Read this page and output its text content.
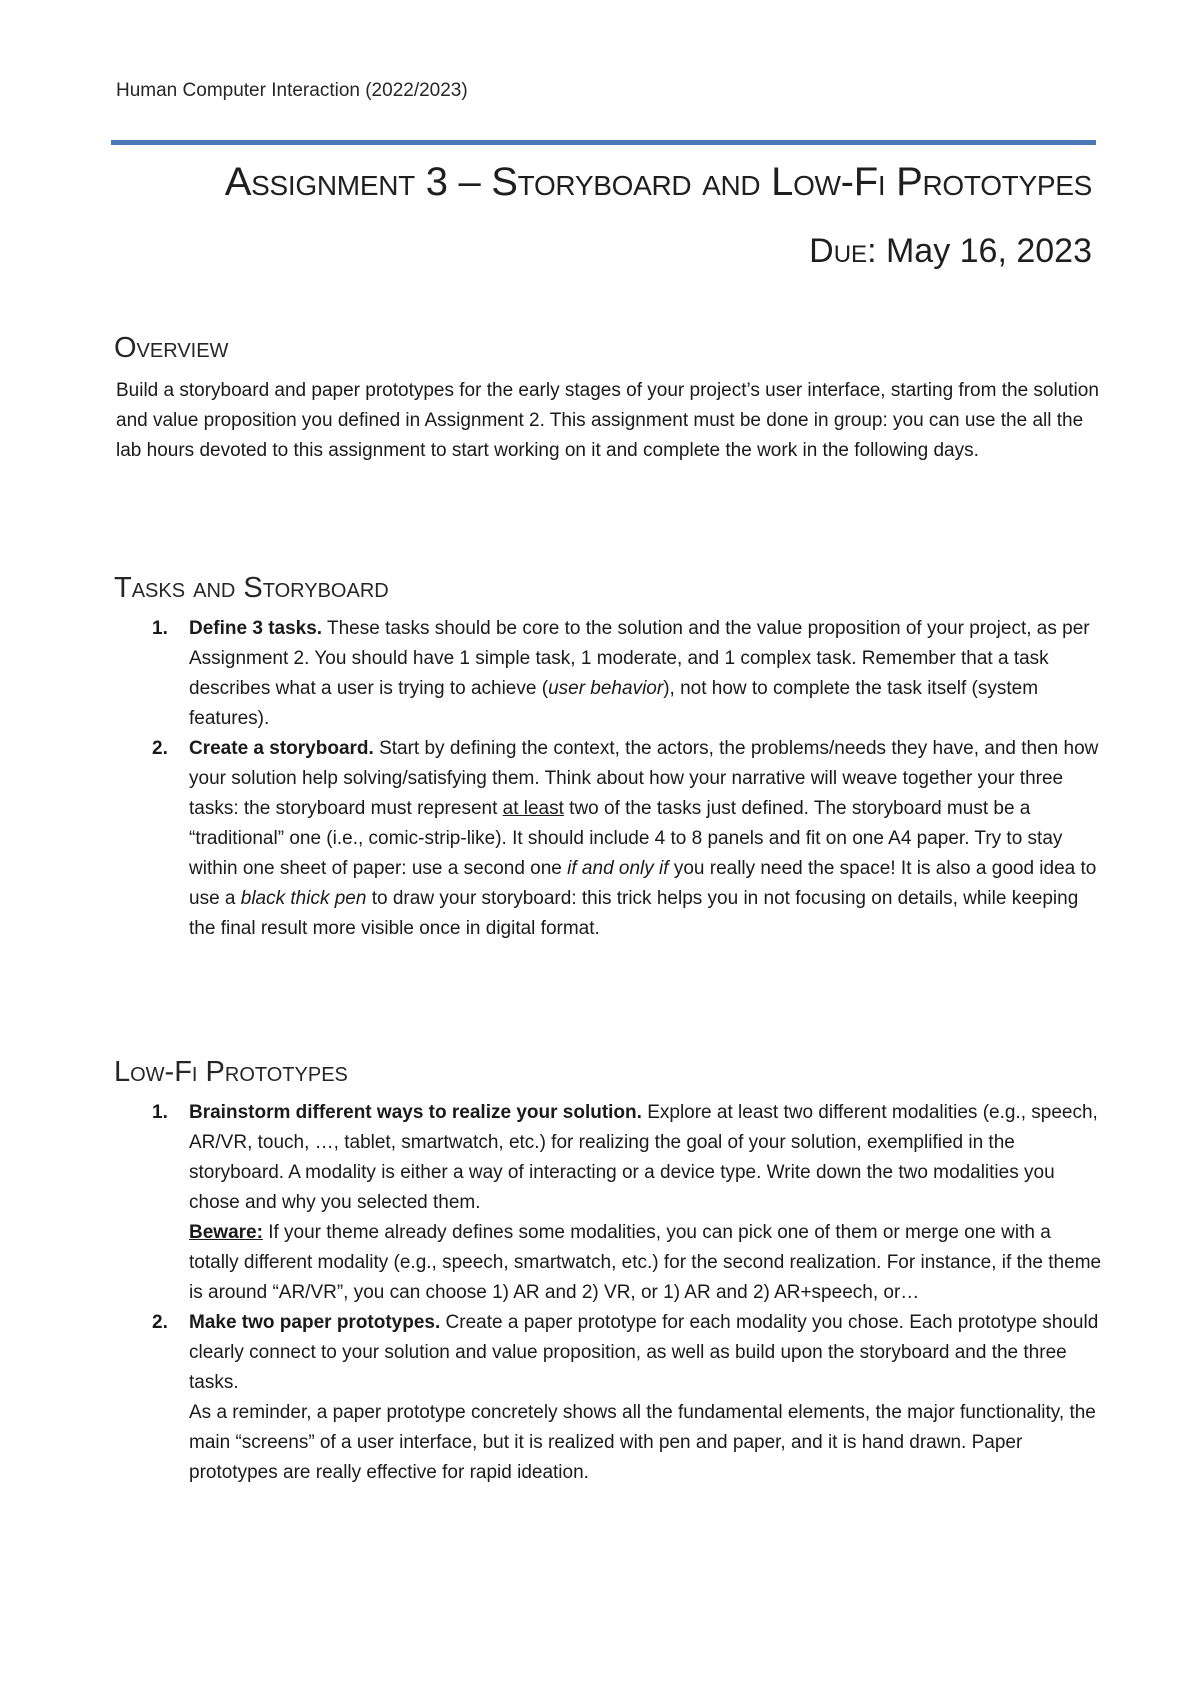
Human Computer Interaction (2022/2023)
Assignment 3 – Storyboard and Low-Fi Prototypes
Due: May 16, 2023
Overview
Build a storyboard and paper prototypes for the early stages of your project’s user interface, starting from the solution and value proposition you defined in Assignment 2. This assignment must be done in group: you can use the all the lab hours devoted to this assignment to start working on it and complete the work in the following days.
Tasks and Storyboard
1. Define 3 tasks. These tasks should be core to the solution and the value proposition of your project, as per Assignment 2. You should have 1 simple task, 1 moderate, and 1 complex task. Remember that a task describes what a user is trying to achieve (user behavior), not how to complete the task itself (system features).
2. Create a storyboard. Start by defining the context, the actors, the problems/needs they have, and then how your solution help solving/satisfying them. Think about how your narrative will weave together your three tasks: the storyboard must represent at least two of the tasks just defined. The storyboard must be a “traditional” one (i.e., comic-strip-like). It should include 4 to 8 panels and fit on one A4 paper. Try to stay within one sheet of paper: use a second one if and only if you really need the space! It is also a good idea to use a black thick pen to draw your storyboard: this trick helps you in not focusing on details, while keeping the final result more visible once in digital format.
Low-Fi Prototypes
1. Brainstorm different ways to realize your solution. Explore at least two different modalities (e.g., speech, AR/VR, touch, …, tablet, smartwatch, etc.) for realizing the goal of your solution, exemplified in the storyboard. A modality is either a way of interacting or a device type. Write down the two modalities you chose and why you selected them.
Beware: If your theme already defines some modalities, you can pick one of them or merge one with a totally different modality (e.g., speech, smartwatch, etc.) for the second realization. For instance, if the theme is around “AR/VR”, you can choose 1) AR and 2) VR, or 1) AR and 2) AR+speech, or…
2. Make two paper prototypes. Create a paper prototype for each modality you chose. Each prototype should clearly connect to your solution and value proposition, as well as build upon the storyboard and the three tasks.
As a reminder, a paper prototype concretely shows all the fundamental elements, the major functionality, the main “screens” of a user interface, but it is realized with pen and paper, and it is hand drawn. Paper prototypes are really effective for rapid ideation.
